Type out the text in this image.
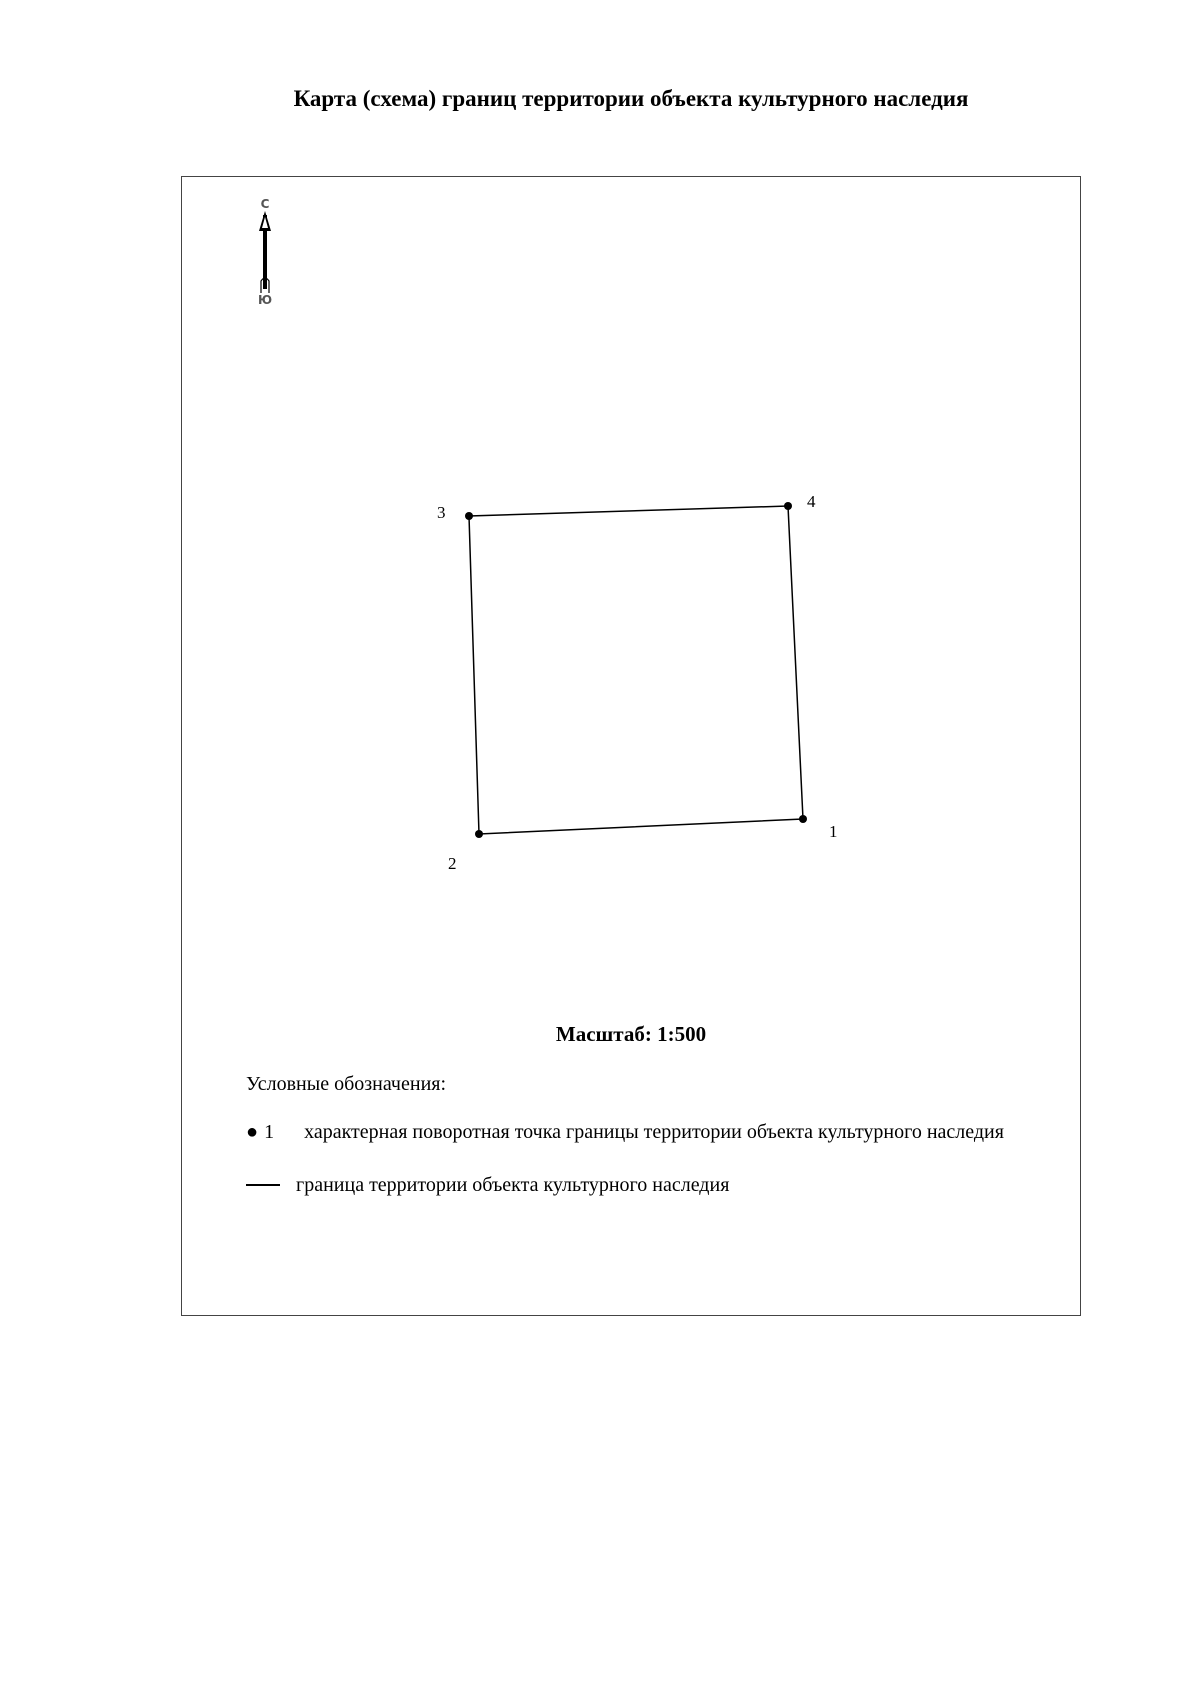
Карта (схема) границ территории объекта культурного наследия
С
Ю
1
2
3
4

Масштаб: 1:500

Условные обозначения:

● 1 характерная поворотная точка границы территории объекта культурного наследия
граница территории объекта культурного наследия
